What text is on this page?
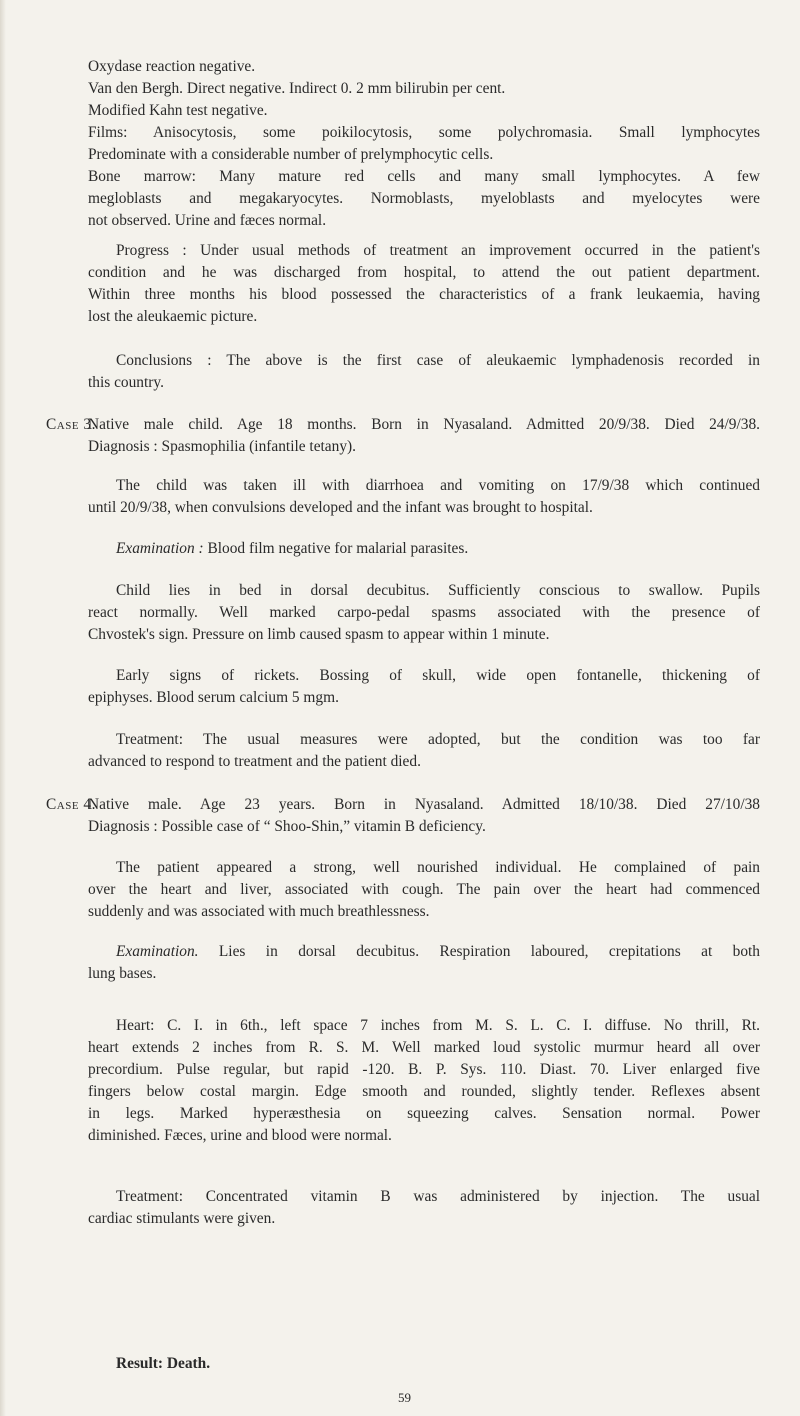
Oxydase reaction negative.
Van den Bergh. Direct negative. Indirect 0. 2 mm bilirubin per cent.
Modified Kahn test negative.
Films: Anisocytosis, some poikilocytosis, some polychromasia. Small lymphocytes
Predominate with a considerable number of prelymphocytic cells.
Bone marrow: Many mature red cells and many small lymphocytes. A few
megloblasts and megakaryocytes. Normoblasts, myeloblasts and myelocytes were
not observed. Urine and fæces normal.
Progress : Under usual methods of treatment an improvement occurred in the patient's
condition and he was discharged from hospital, to attend the out patient department.
Within three months his blood possessed the characteristics of a frank leukaemia, having
lost the aleukaemic picture.
Conclusions : The above is the first case of aleukaemic lymphadenosis recorded in
this country.
Case 3.
Native male child. Age 18 months. Born in Nyasaland. Admitted 20/9/38. Died 24/9/38.
Diagnosis : Spasmophilia (infantile tetany).
The child was taken ill with diarrhoea and vomiting on 17/9/38 which continued
until 20/9/38, when convulsions developed and the infant was brought to hospital.
Examination : Blood film negative for malarial parasites.
Child lies in bed in dorsal decubitus. Sufficiently conscious to swallow. Pupils
react normally. Well marked carpo-pedal spasms associated with the presence of
Chvostek's sign. Pressure on limb caused spasm to appear within 1 minute.
Early signs of rickets. Bossing of skull, wide open fontanelle, thickening of
epiphyses. Blood serum calcium 5 mgm.
Treatment: The usual measures were adopted, but the condition was too far
advanced to respond to treatment and the patient died.
Case 4.
Native male. Age 23 years. Born in Nyasaland. Admitted 18/10/38. Died 27/10/38
Diagnosis : Possible case of “ Shoo-Shin,” vitamin B deficiency.
The patient appeared a strong, well nourished individual. He complained of pain
over the heart and liver, associated with cough. The pain over the heart had commenced
suddenly and was associated with much breathlessness.
Examination. Lies in dorsal decubitus. Respiration laboured, crepitations at both
lung bases.
Heart: C. I. in 6th., left space 7 inches from M. S. L. C. I. diffuse. No thrill, Rt.
heart extends 2 inches from R. S. M. Well marked loud systolic murmur heard all over
precordium. Pulse regular, but rapid -120. B. P. Sys. 110. Diast. 70. Liver enlarged five
fingers below costal margin. Edge smooth and rounded, slightly tender. Reflexes absent
in legs. Marked hyperæsthesia on squeezing calves. Sensation normal. Power
diminished. Fæces, urine and blood were normal.
Treatment: Concentrated vitamin B was administered by injection. The usual
cardiac stimulants were given.
Result: Death.
59
